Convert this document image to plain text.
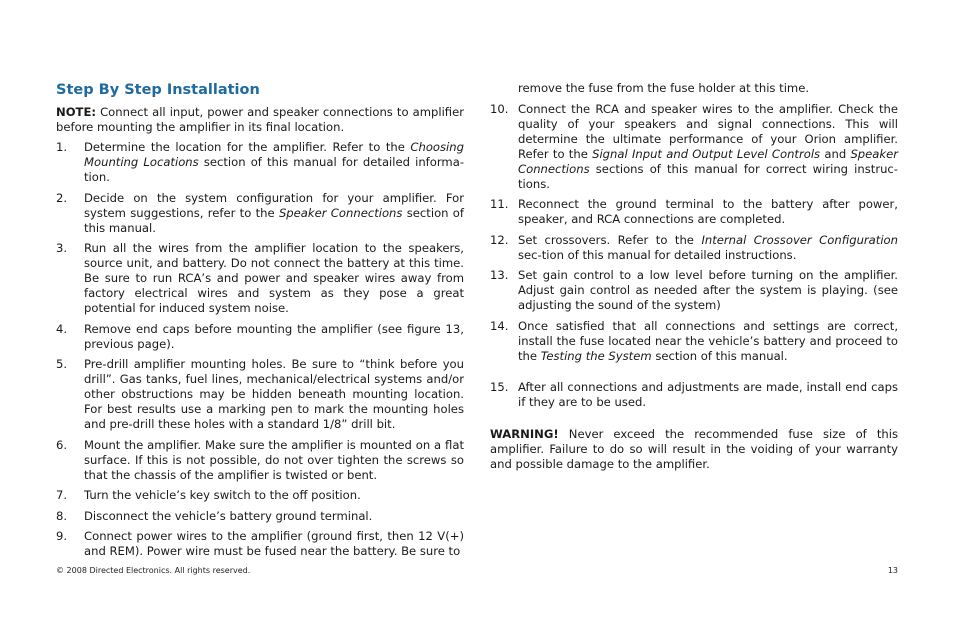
Step By Step Installation
NOTE: Connect all input, power and speaker connections to amplifier before mounting the amplifier in its final location.
1. Determine the location for the amplifier. Refer to the Choosing Mounting Locations section of this manual for detailed informa-tion.
2. Decide on the system configuration for your amplifier. For system suggestions, refer to the Speaker Connections section of this manual.
3. Run all the wires from the amplifier location to the speakers, source unit, and battery. Do not connect the battery at this time. Be sure to run RCA’s and power and speaker wires away from factory electrical wires and system as they pose a great potential for induced system noise.
4. Remove end caps before mounting the amplifier (see figure 13, previous page).
5. Pre-drill amplifier mounting holes. Be sure to “think before you drill”. Gas tanks, fuel lines, mechanical/electrical systems and/or other obstructions may be hidden beneath mounting location. For best results use a marking pen to mark the mounting holes and pre-drill these holes with a standard 1/8” drill bit.
6. Mount the amplifier. Make sure the amplifier is mounted on a flat surface. If this is not possible, do not over tighten the screws so that the chassis of the amplifier is twisted or bent.
7. Turn the vehicle’s key switch to the off position.
8. Disconnect the vehicle’s battery ground terminal.
9. Connect power wires to the amplifier (ground first, then 12 V(+) and REM). Power wire must be fused near the battery. Be sure to
remove the fuse from the fuse holder at this time.
10. Connect the RCA and speaker wires to the amplifier. Check the quality of your speakers and signal connections. This will determine the ultimate performance of your Orion amplifier. Refer to the Signal Input and Output Level Controls and Speaker Connections sections of this manual for correct wiring instruc-tions.
11. Reconnect the ground terminal to the battery after power, speaker, and RCA connections are completed.
12. Set crossovers. Refer to the Internal Crossover Configuration sec-tion of this manual for detailed instructions.
13. Set gain control to a low level before turning on the amplifier. Adjust gain control as needed after the system is playing. (see adjusting the sound of the system)
14. Once satisfied that all connections and settings are correct, install the fuse located near the vehicle’s battery and proceed to the Testing the System section of this manual.
15. After all connections and adjustments are made, install end caps if they are to be used.
WARNING! Never exceed the recommended fuse size of this amplifier. Failure to do so will result in the voiding of your warranty and possible damage to the amplifier.
© 2008 Directed Electronics. All rights reserved.	13
